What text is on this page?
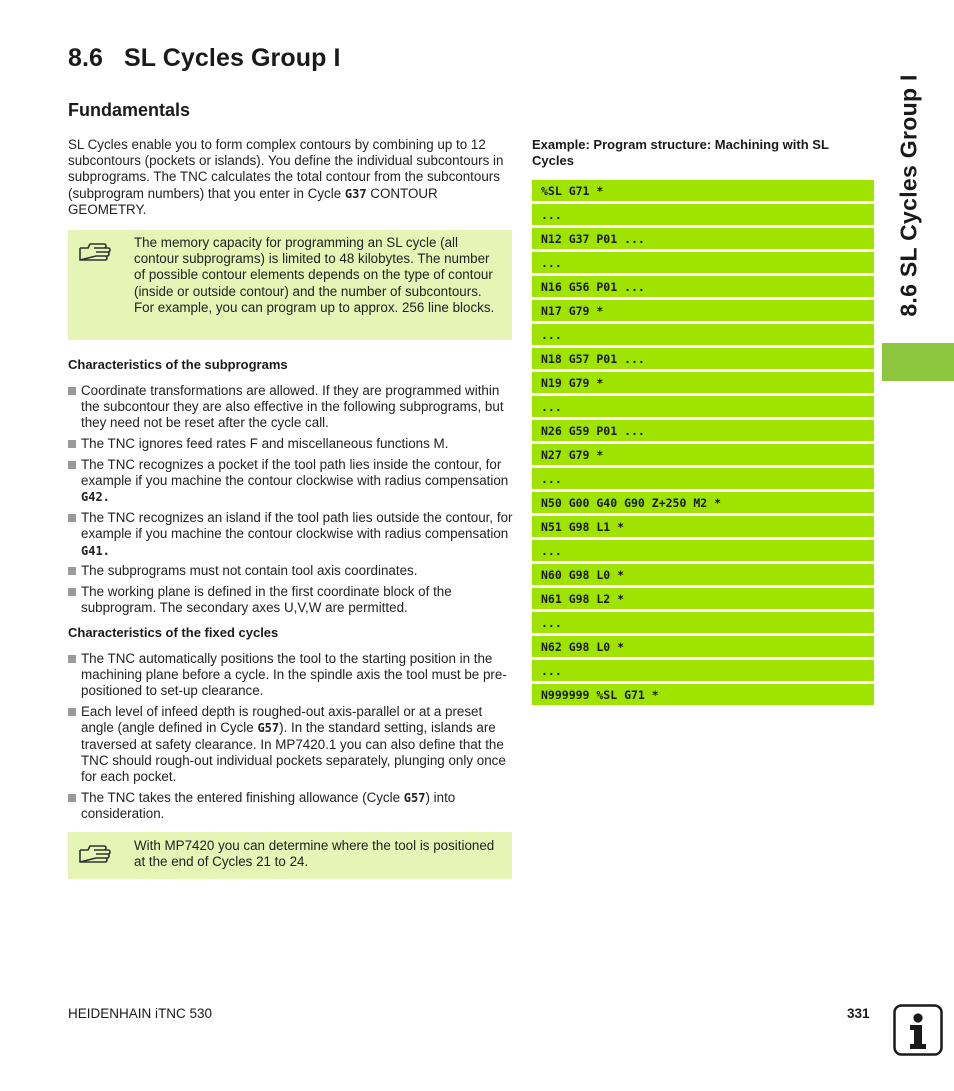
8.6 SL Cycles Group I
Fundamentals
SL Cycles enable you to form complex contours by combining up to 12 subcontours (pockets or islands). You define the individual subcontours in subprograms. The TNC calculates the total contour from the subcontours (subprogram numbers) that you enter in Cycle G37 CONTOUR GEOMETRY.
The memory capacity for programming an SL cycle (all contour subprograms) is limited to 48 kilobytes. The number of possible contour elements depends on the type of contour (inside or outside contour) and the number of subcontours. For example, you can program up to approx. 256 line blocks.
Characteristics of the subprograms
Coordinate transformations are allowed. If they are programmed within the subcontour they are also effective in the following subprograms, but they need not be reset after the cycle call.
The TNC ignores feed rates F and miscellaneous functions M.
The TNC recognizes a pocket if the tool path lies inside the contour, for example if you machine the contour clockwise with radius compensation G42.
The TNC recognizes an island if the tool path lies outside the contour, for example if you machine the contour clockwise with radius compensation G41.
The subprograms must not contain tool axis coordinates.
The working plane is defined in the first coordinate block of the subprogram. The secondary axes U,V,W are permitted.
Characteristics of the fixed cycles
The TNC automatically positions the tool to the starting position in the machining plane before a cycle. In the spindle axis the tool must be pre-positioned to set-up clearance.
Each level of infeed depth is roughed-out axis-parallel or at a preset angle (angle defined in Cycle G57). In the standard setting, islands are traversed at safety clearance. In MP7420.1 you can also define that the TNC should rough-out individual pockets separately, plunging only once for each pocket.
The TNC takes the entered finishing allowance (Cycle G57) into consideration.
With MP7420 you can determine where the tool is positioned at the end of Cycles 21 to 24.
Example: Program structure: Machining with SL Cycles
%SL G71 *
...
N12 G37 P01 ...
...
N16 G56 P01 ...
N17 G79 *
...
N18 G57 P01 ...
N19 G79 *
...
N26 G59 P01 ...
N27 G79 *
...
N50 G00 G40 G90 Z+250 M2 *
N51 G98 L1 *
...
N60 G98 L0 *
N61 G98 L2 *
...
N62 G98 L0 *
...
N999999 %SL G71 *
8.6 SL Cycles Group I
HEIDENHAIN iTNC 530	331
